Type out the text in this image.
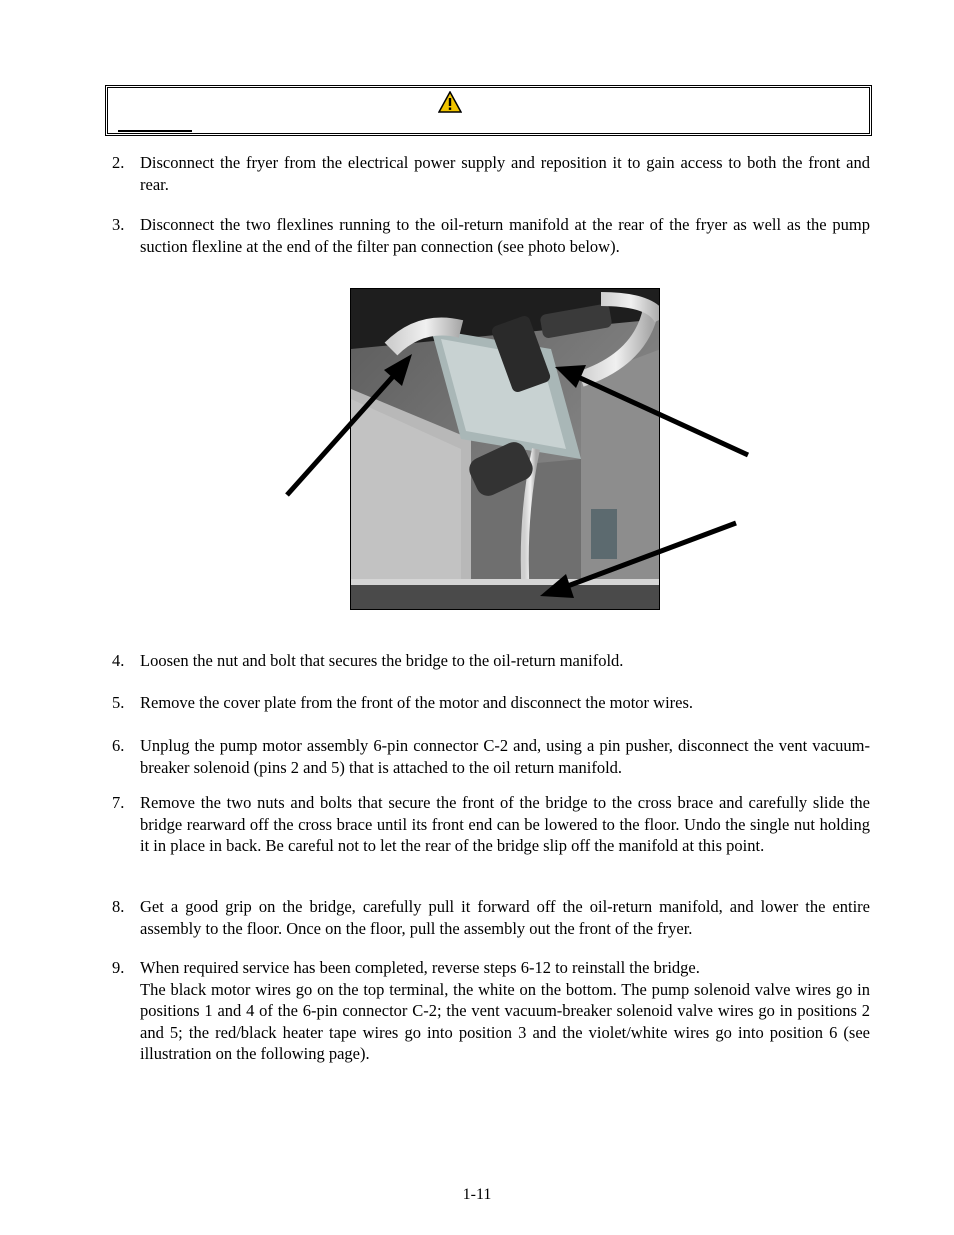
2. Disconnect the fryer from the electrical power supply and reposition it to gain access to both the front and rear.
3. Disconnect the two flexlines running to the oil-return manifold at the rear of the fryer as well as the pump suction flexline at the end of the filter pan connection (see photo below).
4. Loosen the nut and bolt that secures the bridge to the oil-return manifold.
5. Remove the cover plate from the front of the motor and disconnect the motor wires.
6. Unplug the pump motor assembly 6-pin connector C-2 and, using a pin pusher, disconnect the vent vacuum-breaker solenoid (pins 2 and 5) that is attached to the oil return manifold.
7. Remove the two nuts and bolts that secure the front of the bridge to the cross brace and carefully slide the bridge rearward off the cross brace until its front end can be lowered to the floor. Undo the single nut holding it in place in back. Be careful not to let the rear of the bridge slip off the manifold at this point.
8. Get a good grip on the bridge, carefully pull it forward off the oil-return manifold, and lower the entire assembly to the floor. Once on the floor, pull the assembly out the front of the fryer.
9. When required service has been completed, reverse steps 6-12 to reinstall the bridge.
The black motor wires go on the top terminal, the white on the bottom. The pump solenoid valve wires go in positions 1 and 4 of the 6-pin connector C-2; the vent vacuum-breaker solenoid valve wires go in positions 2 and 5; the red/black heater tape wires go into position 3 and the violet/white wires go into position 6 (see illustration on the following page).
1-11
